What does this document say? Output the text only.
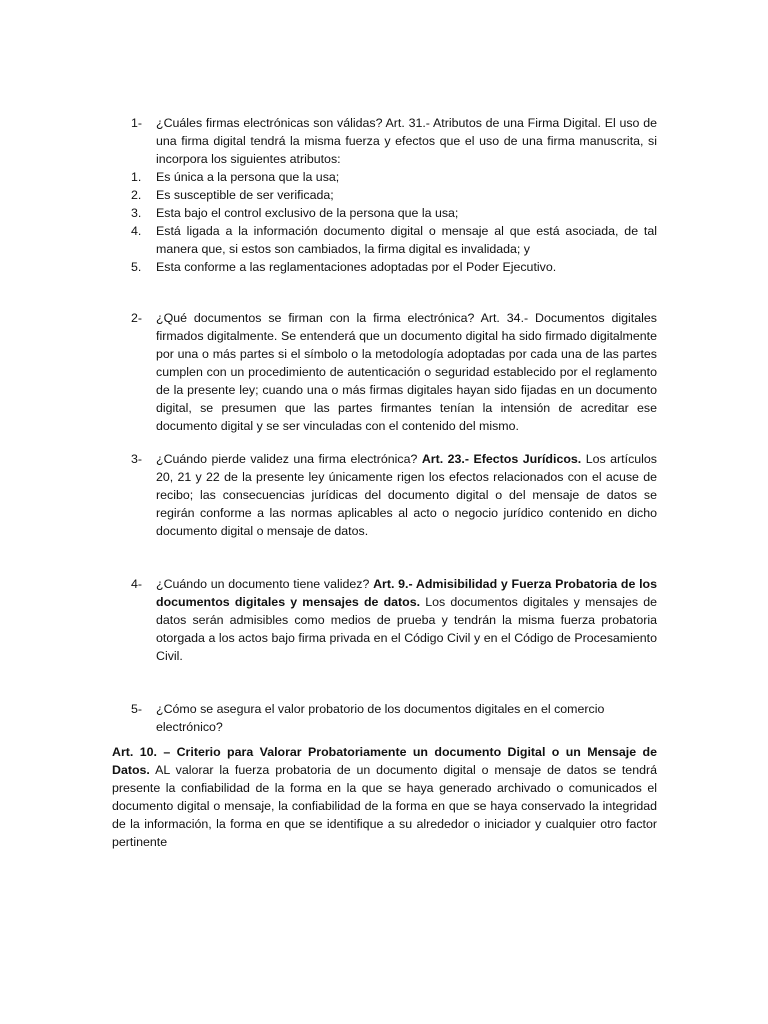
1-	¿Cuáles firmas electrónicas son válidas? Art. 31.- Atributos de una Firma Digital. El uso de una firma digital tendrá la misma fuerza y efectos que el uso de una firma manuscrita, si incorpora los siguientes atributos:
1.	Es única a la persona que la usa;
2.	Es susceptible de ser verificada;
3.	Esta bajo el control exclusivo de la persona que la usa;
4.	Está ligada a la información documento digital o mensaje al que está asociada, de tal manera que, si estos son cambiados, la firma digital es invalidada; y
5.	Esta conforme a las reglamentaciones adoptadas por el Poder Ejecutivo.
2-	¿Qué documentos se firman con la firma electrónica? Art. 34.- Documentos digitales firmados digitalmente. Se entenderá que un documento digital ha sido firmado digitalmente por una o más partes si el símbolo o la metodología adoptadas por cada una de las partes cumplen con un procedimiento de autenticación o seguridad establecido por el reglamento de la presente ley; cuando una o más firmas digitales hayan sido fijadas en un documento digital, se presumen que las partes firmantes tenían la intensión de acreditar ese documento digital y se ser vinculadas con el contenido del mismo.
3-	¿Cuándo pierde validez una firma electrónica? Art. 23.- Efectos Jurídicos. Los artículos 20, 21 y 22 de la presente ley únicamente rigen los efectos relacionados con el acuse de recibo; las consecuencias jurídicas del documento digital o del mensaje de datos se regirán conforme a las normas aplicables al acto o negocio jurídico contenido en dicho documento digital o mensaje de datos.
4-	¿Cuándo un documento tiene validez? Art. 9.- Admisibilidad y Fuerza Probatoria de los documentos digitales y mensajes de datos. Los documentos digitales y mensajes de datos serán admisibles como medios de prueba y tendrán la misma fuerza probatoria otorgada a los actos bajo firma privada en el Código Civil y en el Código de Procesamiento Civil.
5-	¿Cómo se asegura el valor probatorio de los documentos digitales en el comercio electrónico?
Art. 10. – Criterio para Valorar Probatoriamente un documento Digital o un Mensaje de Datos. AL valorar la fuerza probatoria de un documento digital o mensaje de datos se tendrá presente la confiabilidad de la forma en la que se haya generado archivado o comunicados el documento digital o mensaje, la confiabilidad de la forma en que se haya conservado la integridad de la información, la forma en que se identifique a su alrededor o iniciador y cualquier otro factor pertinente
